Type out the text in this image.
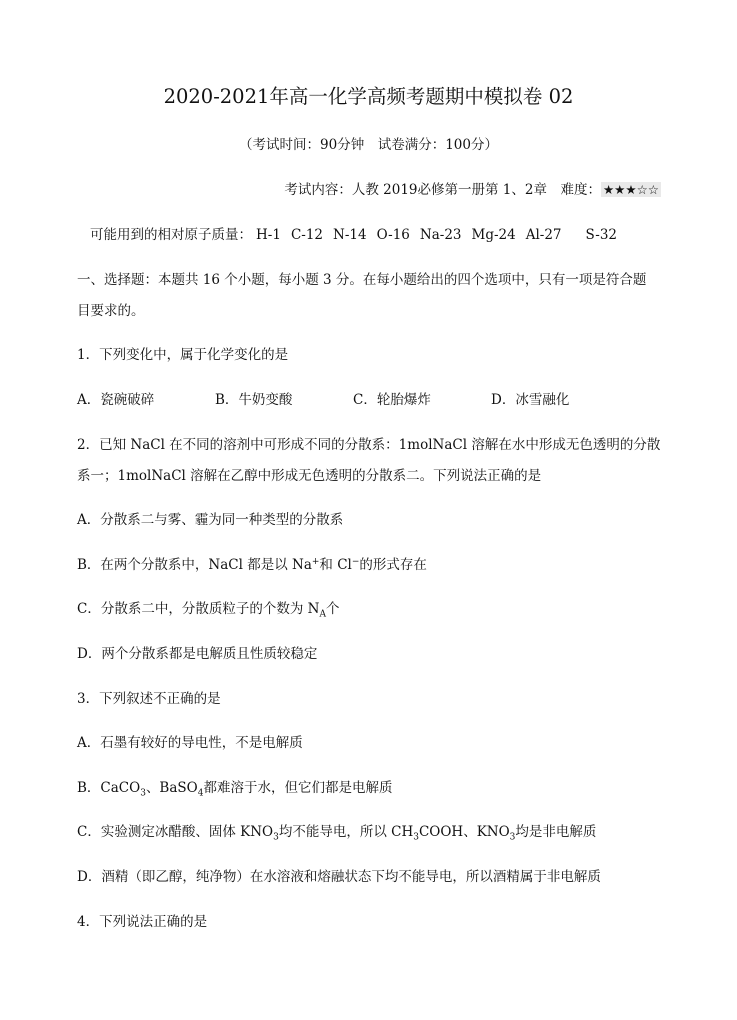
2020-2021年高一化学高频考题期中模拟卷 02
（考试时间：90分钟　试卷满分：100分）
考试内容：人教 2019必修第一册第 1、2章　难度： ★★★☆☆
可能用到的相对原子质量： H-1 C-12 N-14 O-16 Na-23 Mg-24 Al-27 S-32
一、选择题：本题共 16 个小题，每小题 3 分。在每小题给出的四个选项中，只有一项是符合题
目要求的。
1．下列变化中，属于化学变化的是
A．瓷碗破碎	B．牛奶变酸	C．轮胎爆炸	D．冰雪融化
2．已知 NaCl 在不同的溶剂中可形成不同的分散系：1molNaCl 溶解在水中形成无色透明的分散
系一；1molNaCl 溶解在乙醇中形成无色透明的分散系二。下列说法正确的是
A．分散系二与雾、霾为同一种类型的分散系
B．在两个分散系中，NaCl 都是以 Na+和 Cl−的形式存在
C．分散系二中，分散质粒子的个数为 $N_A$个
D．两个分散系都是电解质且性质较稳定
3．下列叙述不正确的是
A．石墨有较好的导电性，不是电解质
B．CaCO$_3$、BaSO$_4$都难溶于水，但它们都是电解质
C．实验测定冰醋酸、固体 $KNO_3$均不能导电，所以 $CH_3COOH$、$KNO_3$均是非电解质
D．酒精（即乙醇，纯净物）在水溶液和熔融状态下均不能导电，所以酒精属于非电解质
4．下列说法正确的是
